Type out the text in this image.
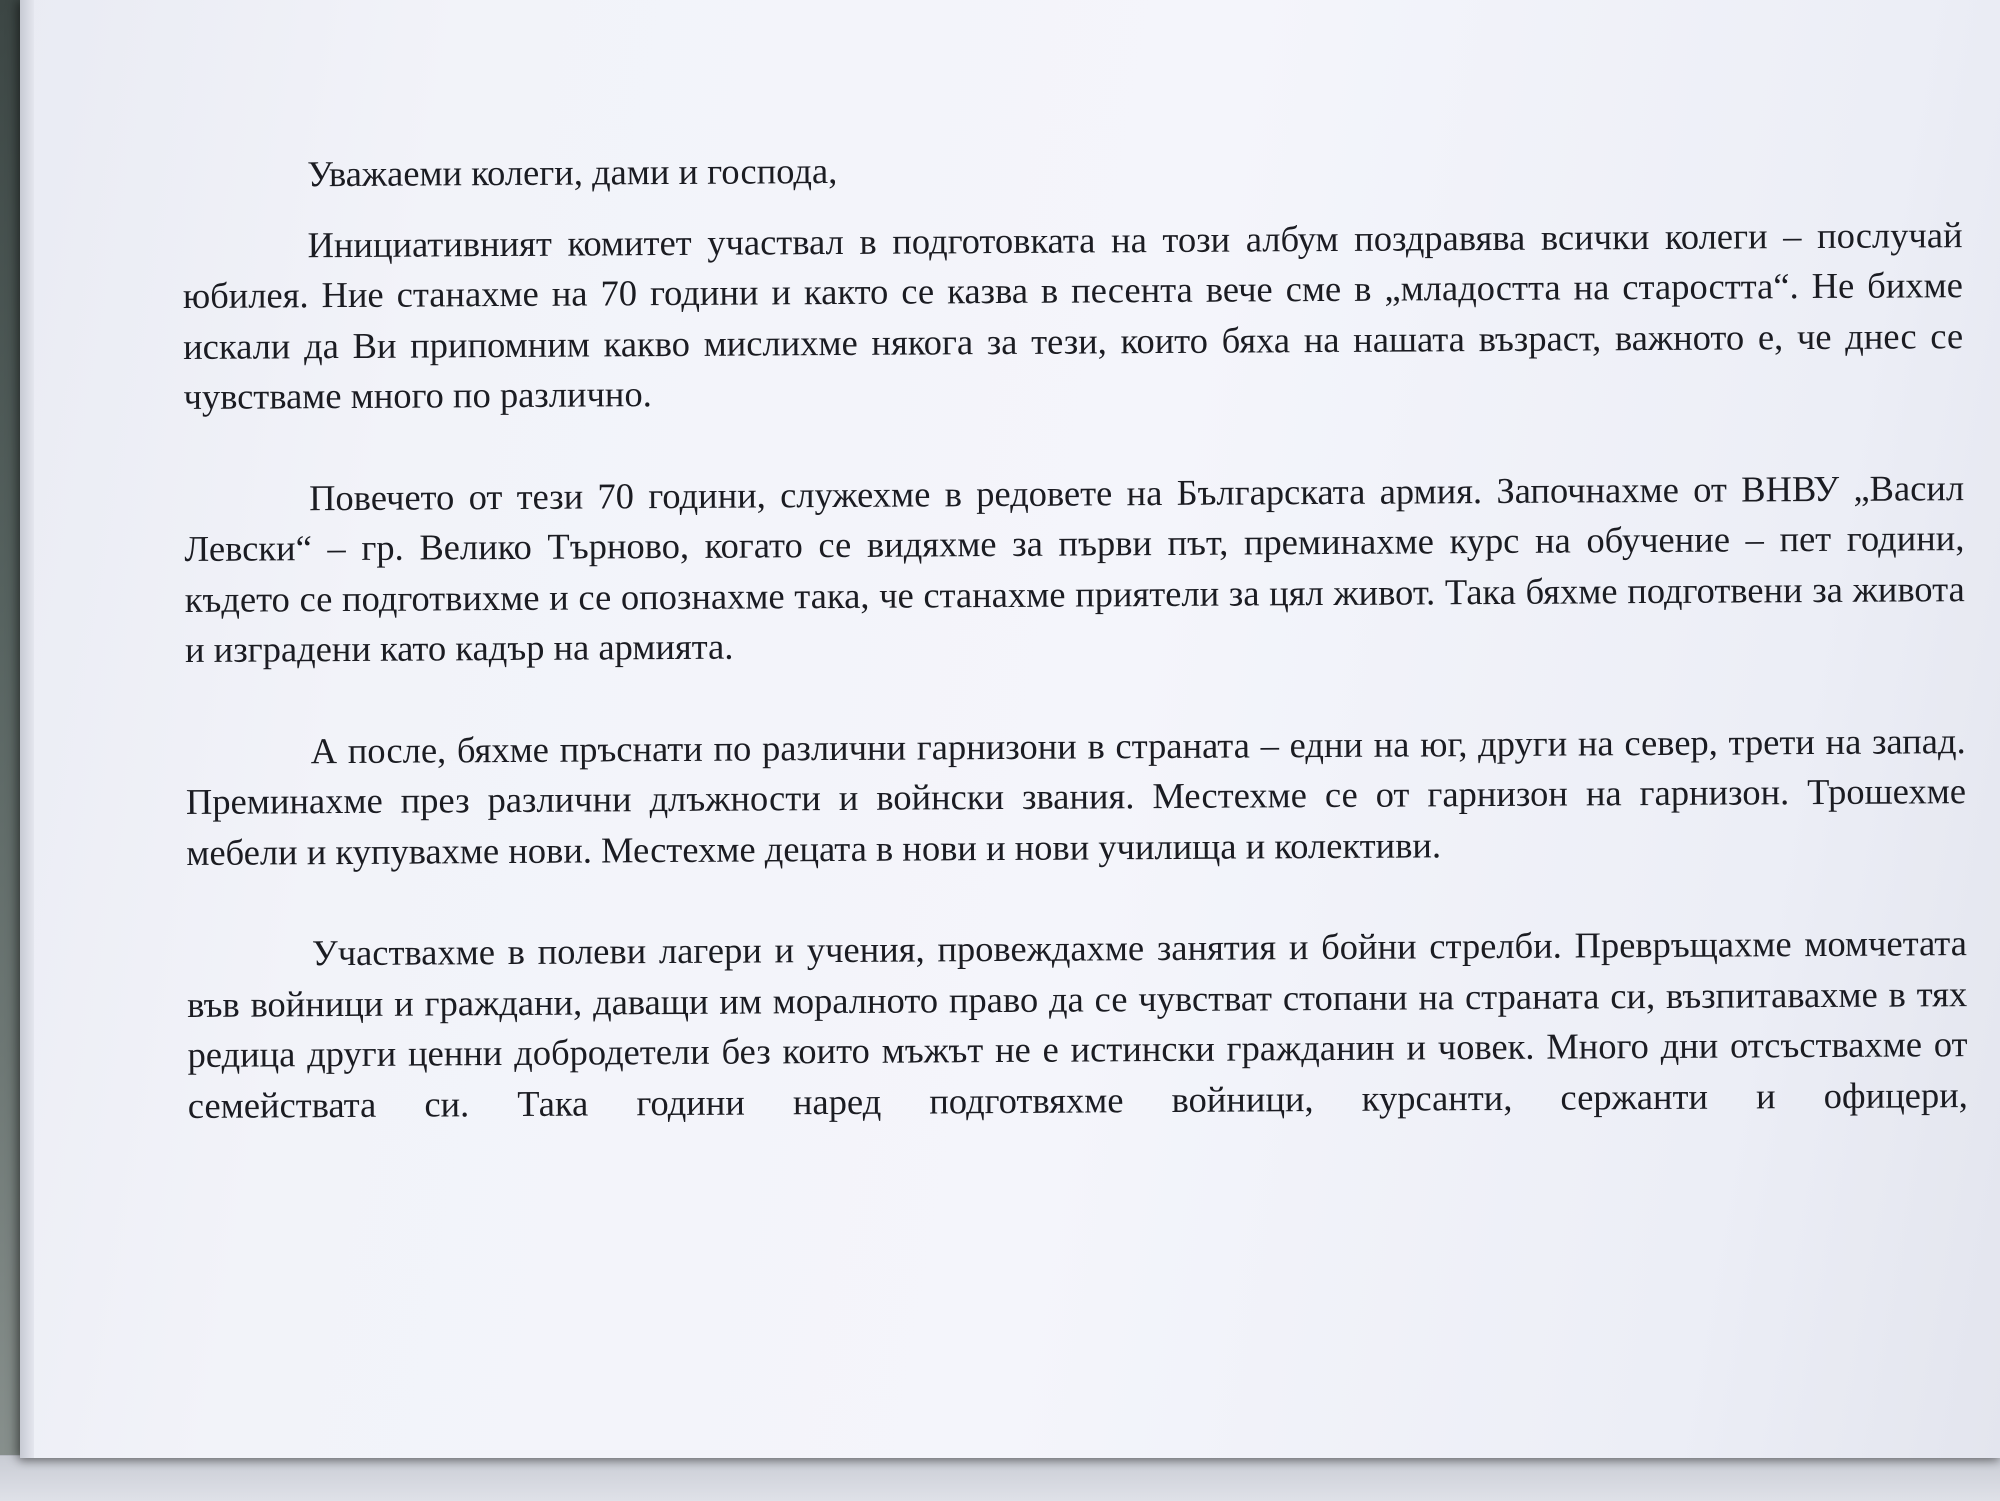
Уважаеми колеги, дами и господа,

Инициативният комитет участвал в подготовката на този албум поздравява всички колеги – послучай юбилея. Ние станахме на 70 години и както се казва в песента вече сме в „младостта на старостта“. Не бихме искали да Ви припомним какво мислихме някога за тези, които бяха на нашата възраст, важното е, че днес се чувстваме много по различно.

Повечето от тези 70 години, служехме в редовете на Българската армия. Започнахме от ВНВУ „Васил Левски“ – гр. Велико Търново, когато се видяхме за първи път, преминахме курс на обучение – пет години, където се подготвихме и се опознахме така, че станахме приятели за цял живот. Така бяхме подготвени за живота и изградени като кадър на армията.

А после, бяхме пръснати по различни гарнизони в страната – едни на юг, други на север, трети на запад. Преминахме през различни длъжности и войнски звания. Местехме се от гарнизон на гарнизон. Трошехме мебели и купувахме нови. Местехме децата в нови и нови училища и колективи.

Участвахме в полеви лагери и учения, провеждахме занятия и бойни стрелби. Превръщахме момчетата във войници и граждани, даващи им моралното право да се чувстват стопани на страната си, възпитавахме в тях редица други ценни добродетели без които мъжът не е истински гражданин и човек. Много дни отсъствахме от семействата си. Така години наред подготвяхме войници, курсанти, сержанти и офицери,
